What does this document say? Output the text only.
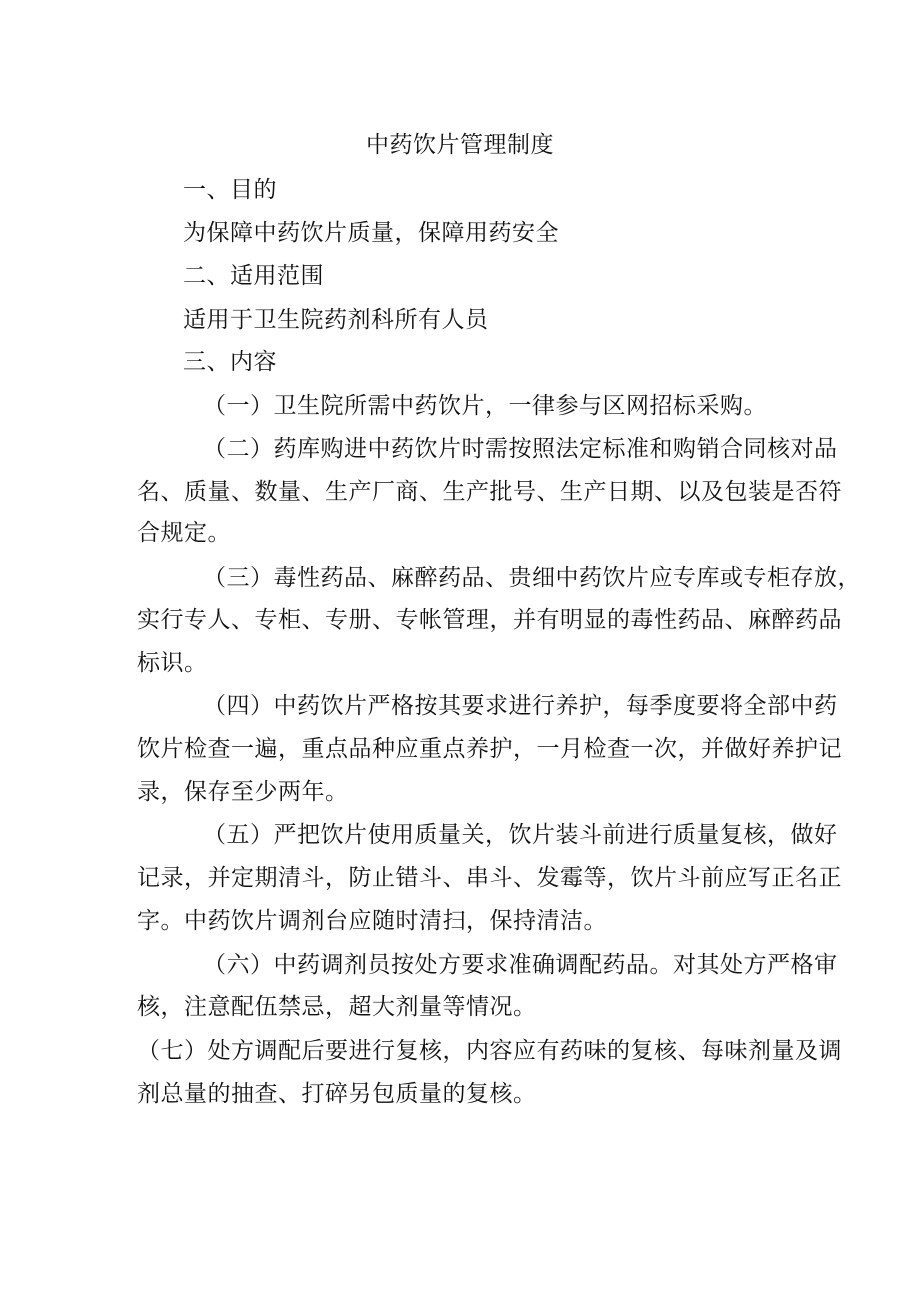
中药饮片管理制度
一、目的
为保障中药饮片质量，保障用药安全
二、适用范围
适用于卫生院药剂科所有人员
三、内容
（一）卫生院所需中药饮片，一律参与区网招标采购。
（二）药库购进中药饮片时需按照法定标准和购销合同核对品
名、质量、数量、生产厂商、生产批号、生产日期、以及包装是否符
合规定。
（三）毒性药品、麻醉药品、贵细中药饮片应专库或专柜存放，
实行专人、专柜、专册、专帐管理，并有明显的毒性药品、麻醉药品
标识。
（四）中药饮片严格按其要求进行养护，每季度要将全部中药
饮片检查一遍，重点品种应重点养护，一月检查一次，并做好养护记
录，保存至少两年。
（五）严把饮片使用质量关，饮片装斗前进行质量复核，做好
记录，并定期清斗，防止错斗、串斗、发霉等，饮片斗前应写正名正
字。中药饮片调剂台应随时清扫，保持清洁。
（六）中药调剂员按处方要求准确调配药品。对其处方严格审
核，注意配伍禁忌，超大剂量等情况。
（七）处方调配后要进行复核，内容应有药味的复核、每味剂量及调
剂总量的抽查、打碎另包质量的复核。
